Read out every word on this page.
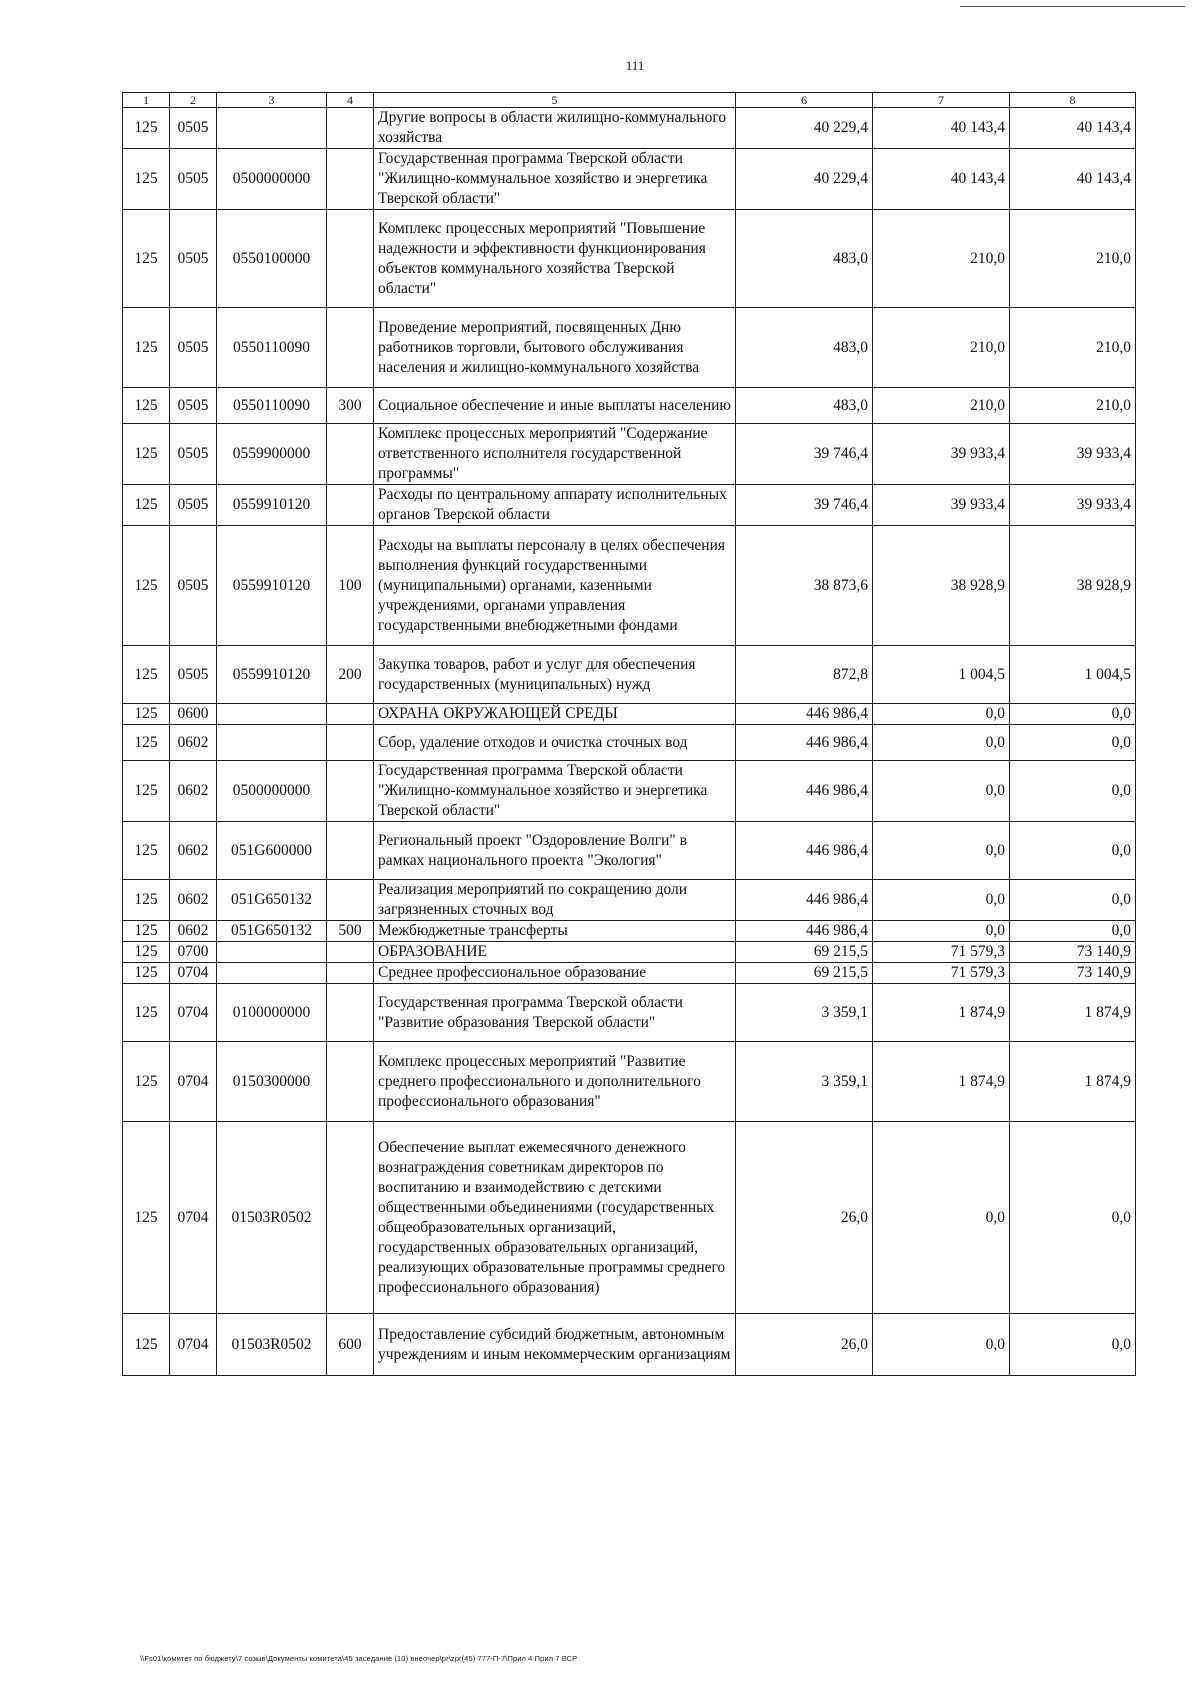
111
1	2	3	4	5	6	7	8
125	0505			Другие вопросы в области жилищно-коммунального хозяйства	40 229,4	40 143,4	40 143,4
125	0505	0500000000		Государственная программа Тверской области "Жилищно-коммунальное хозяйство и энергетика Тверской области"	40 229,4	40 143,4	40 143,4
125	0505	0550100000		Комплекс процессных мероприятий "Повышение надежности и эффективности функционирования объектов коммунального хозяйства Тверской области"	483,0	210,0	210,0
125	0505	0550110090		Проведение мероприятий, посвященных Дню работников торговли, бытового обслуживания населения и жилищно-коммунального хозяйства	483,0	210,0	210,0
125	0505	0550110090	300	Социальное обеспечение и иные выплаты населению	483,0	210,0	210,0
125	0505	0559900000		Комплекс процессных мероприятий "Содержание ответственного исполнителя государственной программы"	39 746,4	39 933,4	39 933,4
125	0505	0559910120		Расходы по центральному аппарату исполнительных органов Тверской области	39 746,4	39 933,4	39 933,4
125	0505	0559910120	100	Расходы на выплаты персоналу в целях обеспечения выполнения функций государственными (муниципальными) органами, казенными учреждениями, органами управления государственными внебюджетными фондами	38 873,6	38 928,9	38 928,9
125	0505	0559910120	200	Закупка товаров, работ и услуг для обеспечения государственных (муниципальных) нужд	872,8	1 004,5	1 004,5
125	0600			ОХРАНА ОКРУЖАЮЩЕЙ СРЕДЫ	446 986,4	0,0	0,0
125	0602			Сбор, удаление отходов и очистка сточных вод	446 986,4	0,0	0,0
125	0602	0500000000		Государственная программа Тверской области "Жилищно-коммунальное хозяйство и энергетика Тверской области"	446 986,4	0,0	0,0
125	0602	051G600000		Региональный проект "Оздоровление Волги" в рамках национального проекта "Экология"	446 986,4	0,0	0,0
125	0602	051G650132		Реализация мероприятий по сокращению доли загрязненных сточных вод	446 986,4	0,0	0,0
125	0602	051G650132	500	Межбюджетные трансферты	446 986,4	0,0	0,0
125	0700			ОБРАЗОВАНИЕ	69 215,5	71 579,3	73 140,9
125	0704			Среднее профессиональное образование	69 215,5	71 579,3	73 140,9
125	0704	0100000000		Государственная программа Тверской области "Развитие образования Тверской области"	3 359,1	1 874,9	1 874,9
125	0704	0150300000		Комплекс процессных мероприятий "Развитие среднего профессионального и дополнительного профессионального образования"	3 359,1	1 874,9	1 874,9
125	0704	01503R0502		Обеспечение выплат ежемесячного денежного вознаграждения советникам директоров по воспитанию и взаимодействию с детскими общественными объединениями (государственных общеобразовательных организаций, государственных образовательных организаций, реализующих образовательные программы среднего профессионального образования)	26,0	0,0	0,0
125	0704	01503R0502	600	Предоставление субсидий бюджетным, автономным учреждениям и иным некоммерческим организациям	26,0	0,0	0,0
\\Fs01\комитет по бюджету\7 созыв\Документы комитета\45 заседание (10) внеочер\pr\zpr(45) 777-П-7\Прил 4 Прил 7 ВСР
